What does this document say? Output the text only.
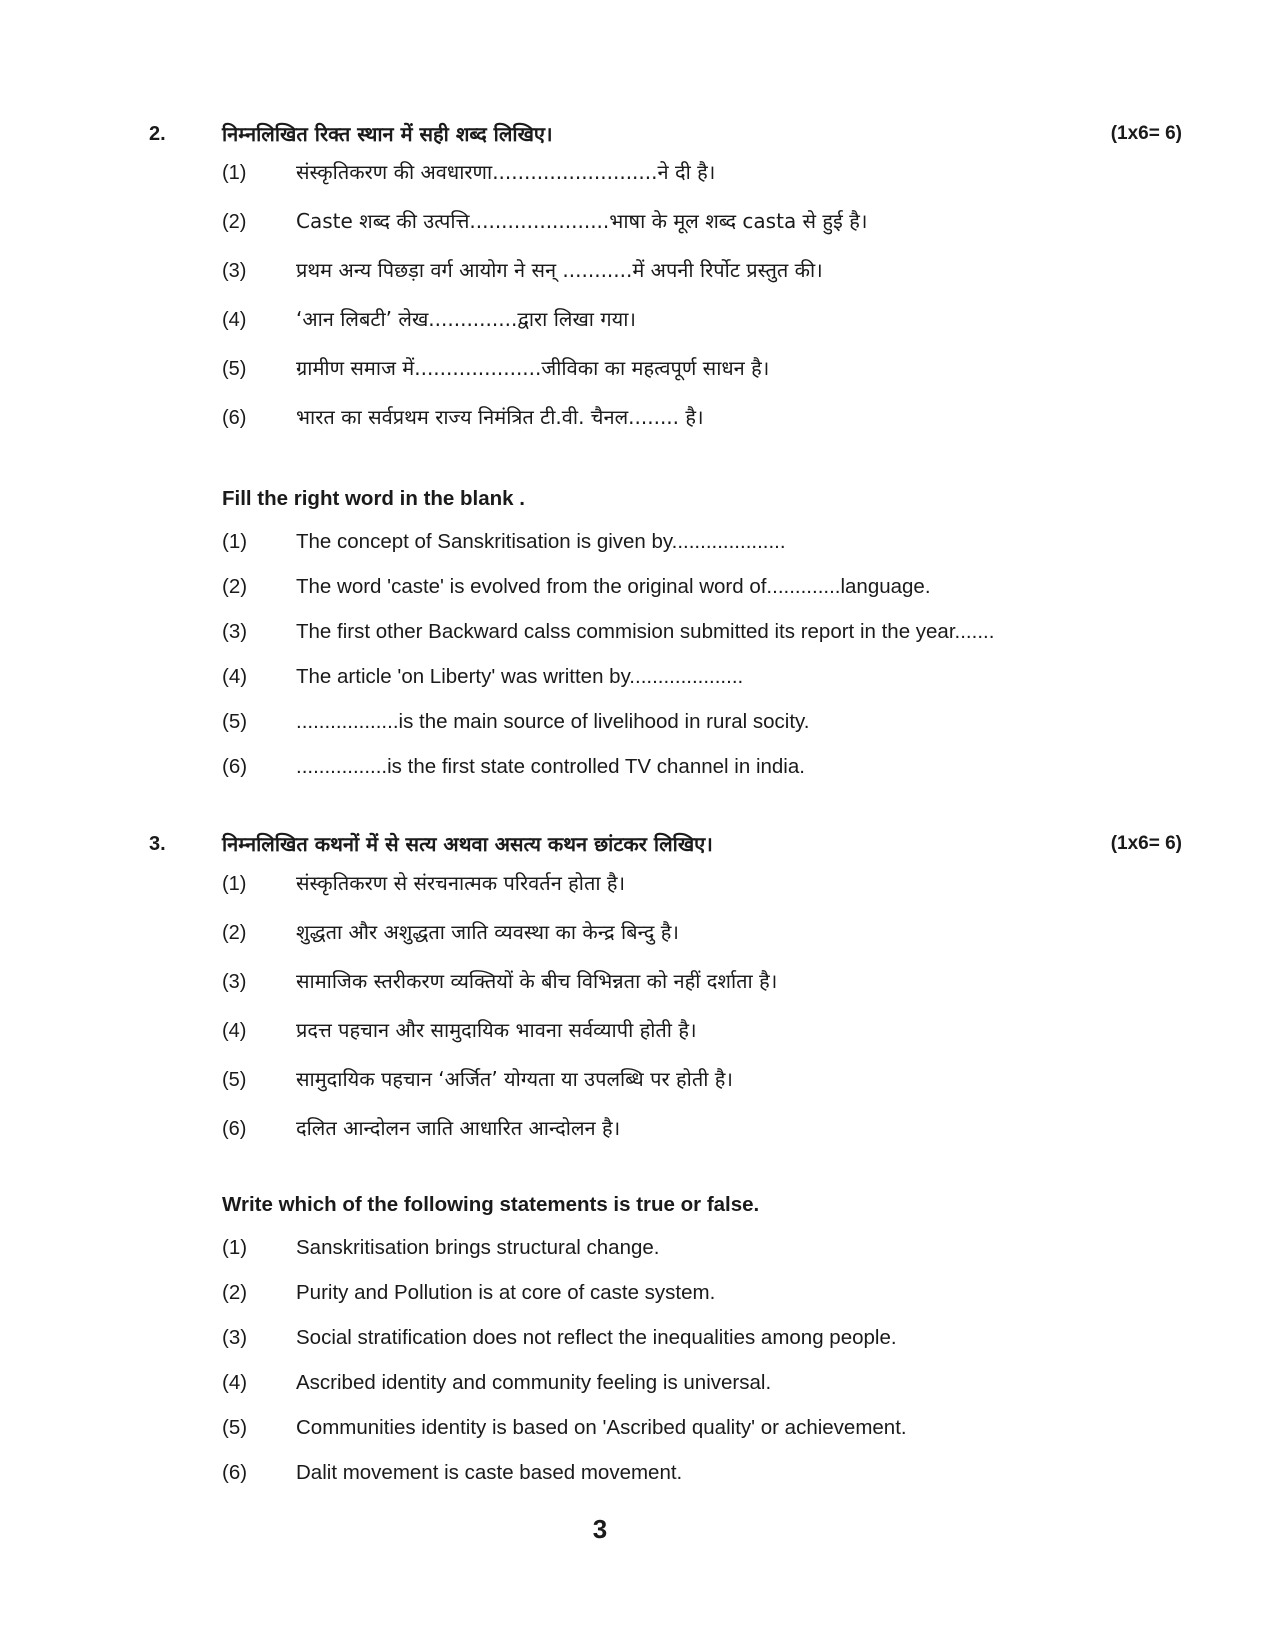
2.	निम्नलिखित रिक्त स्थान में सही शब्द लिखिए।	(1x6= 6)
(1) संस्कृतिकरण की अवधारणा..........................ने दी है।
(2) Caste शब्द की उत्पत्ति......................भाषा के मूल शब्द casta से हुई है।
(3) प्रथम अन्य पिछड़ा वर्ग आयोग ने सन् ...........में अपनी रिर्पोट प्रस्तुत की।
(4) ‘आन लिबटी’ लेख..............द्वारा लिखा गया।
(5) ग्रामीण समाज में....................जीविका का महत्वपूर्ण साधन है।
(6) भारत का सर्वप्रथम राज्य निमंत्रित टी.वी. चैनल........ है।
Fill the right word in the blank .
(1) The concept of Sanskritisation is given by....................
(2) The word 'caste' is evolved from the original word of.............language.
(3) The first other Backward calss commision submitted its report in the year.......
(4) The article 'on Liberty' was written by....................
(5) ..................is the main source of livelihood in rural socity.
(6) ................is the first state controlled TV channel in india.
3.	निम्नलिखित कथनों में से सत्य अथवा असत्य कथन छांटकर लिखिए।	(1x6= 6)
(1) संस्कृतिकरण से संरचनात्मक परिवर्तन होता है।
(2) शुद्धता और अशुद्धता जाति व्यवस्था का केन्द्र बिन्दु है।
(3) सामाजिक स्तरीकरण व्यक्तियों के बीच विभिन्नता को नहीं दर्शाता है।
(4) प्रदत्त पहचान और सामुदायिक भावना सर्वव्यापी होती है।
(5) सामुदायिक पहचान ‘अर्जित’ योग्यता या उपलब्धि पर होती है।
(6) दलित आन्दोलन जाति आधारित आन्दोलन है।
Write which of the following statements is true or false.
(1) Sanskritisation brings structural change.
(2) Purity and Pollution is at core of caste system.
(3) Social stratification does not reflect the inequalities among people.
(4) Ascribed identity and community feeling is universal.
(5) Communities identity is based on 'Ascribed quality' or achievement.
(6) Dalit movement is caste based movement.
3
